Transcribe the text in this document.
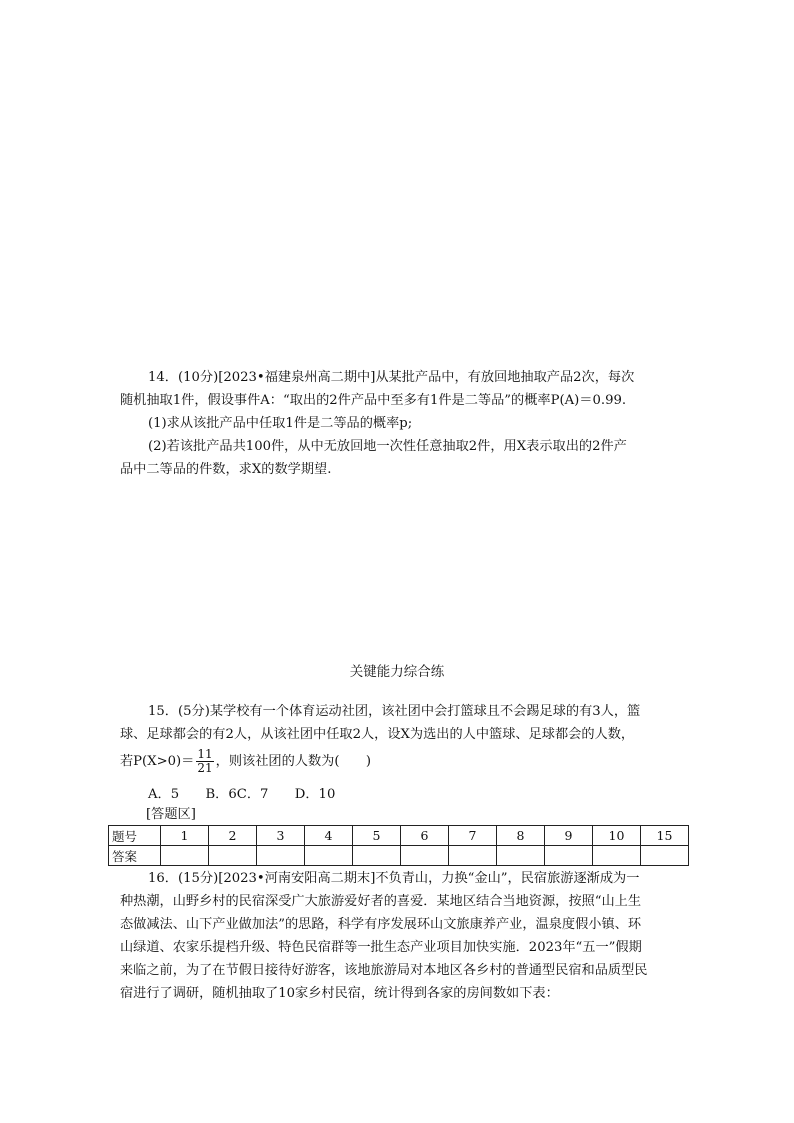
14．(10分)[2023•福建泉州高二期中]从某批产品中，有放回地抽取产品2次，每次
随机抽取1件，假设事件A：“取出的2件产品中至多有1件是二等品”的概率P(A)＝0.99.
(1)求从该批产品中任取1件是二等品的概率p;
(2)若该批产品共100件，从中无放回地一次性任意抽取2件，用X表示取出的2件产
品中二等品的件数，求X的数学期望.
关键能力综合练
15．(5分)某学校有一个体育运动社团，该社团中会打篮球且不会踢足球的有3人，篮
球、足球都会的有2人，从该社团中任取2人，设X为选出的人中篮球、足球都会的人数，
若$P(X>0)= \frac{11}{21}$ ，则该社团的人数为(　　)
A．5　　B．6C．7　　D．10
[答题区]
题号	1	2	3	4	5	6	7	8	9	10	15
答案											
16．(15分)[2023•河南安阳高二期末]不负青山，力换“金山”，民宿旅游逐渐成为一
种热潮，山野乡村的民宿深受广大旅游爱好者的喜爱．某地区结合当地资源，按照“山上生
态做减法、山下产业做加法”的思路，科学有序发展环山文旅康养产业，温泉度假小镇、环
山绿道、农家乐提档升级、特色民宿群等一批生态产业项目加快实施．2023年“五一”假期
来临之前，为了在节假日接待好游客，该地旅游局对本地区各乡村的普通型民宿和品质型民
宿进行了调研，随机抽取了10家乡村民宿，统计得到各家的房间数如下表：
